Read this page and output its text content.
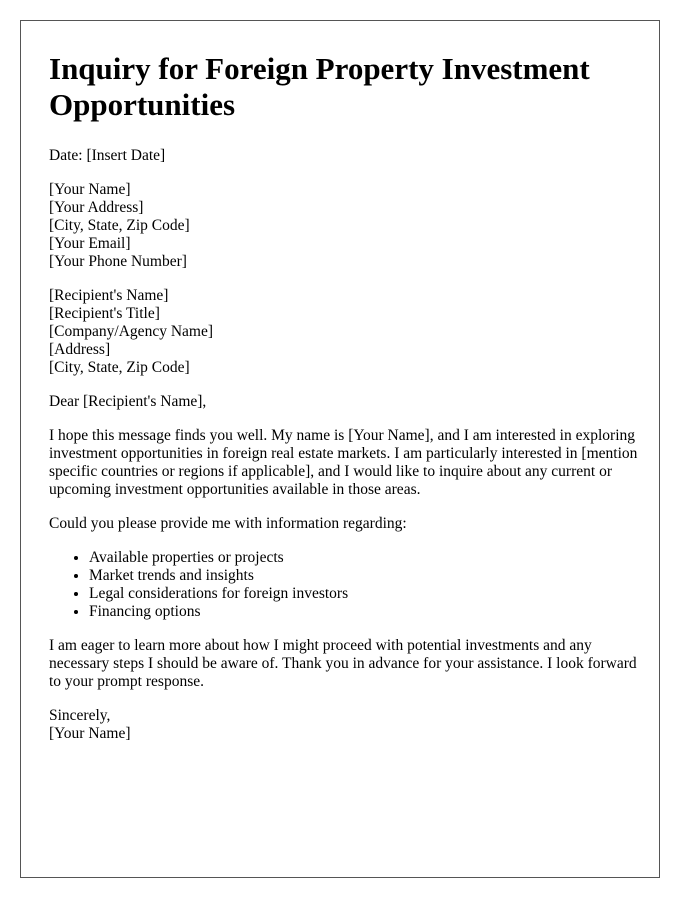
Inquiry for Foreign Property Investment Opportunities

Date: [Insert Date]

[Your Name]
[Your Address]
[City, State, Zip Code]
[Your Email]
[Your Phone Number]
[Recipient's Name]
[Recipient's Title]
[Company/Agency Name]
[Address]
[City, State, Zip Code]

Dear [Recipient's Name],

I hope this message finds you well. My name is [Your Name], and I am interested in exploring investment opportunities in foreign real estate markets. I am particularly interested in [mention specific countries or regions if applicable], and I would like to inquire about any current or upcoming investment opportunities available in those areas.

Could you please provide me with information regarding:

• Available properties or projects
• Market trends and insights
• Legal considerations for foreign investors
• Financing options

I am eager to learn more about how I might proceed with potential investments and any necessary steps I should be aware of. Thank you in advance for your assistance. I look forward to your prompt response.

Sincerely,
[Your Name]
